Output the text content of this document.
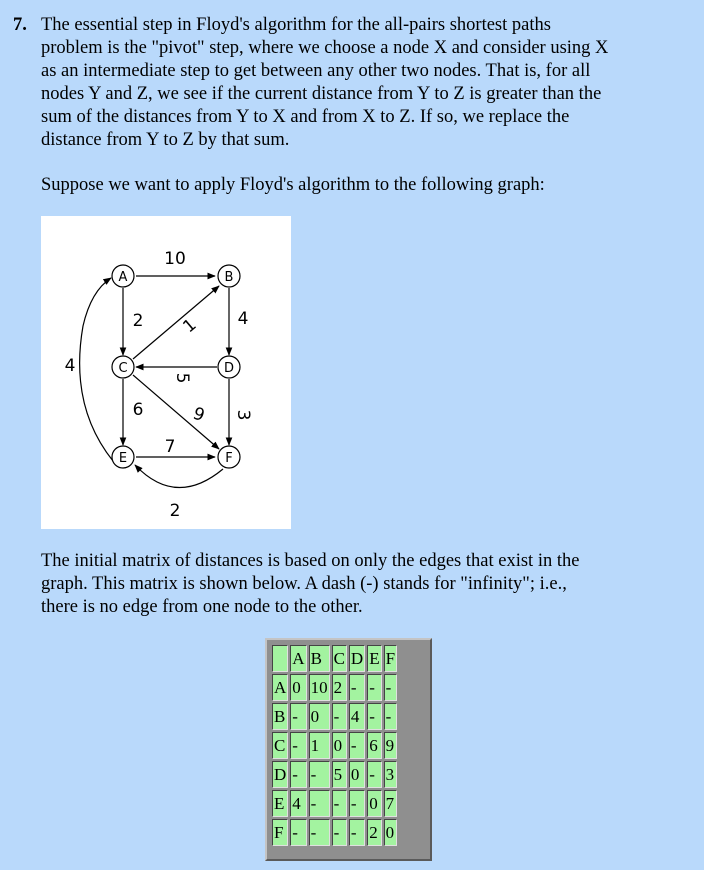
7. The essential step in Floyd's algorithm for the all-pairs shortest paths
problem is the "pivot" step, where we choose a node X and consider using X
as an intermediate step to get between any other two nodes. That is, for all
nodes Y and Z, we see if the current distance from Y to Z is greater than the
sum of the distances from Y to X and from X to Z. If so, we replace the
distance from Y to Z by that sum.

Suppose we want to apply Floyd's algorithm to the following graph:

A	B
C	D
E	F
10
2	4
1
5
6	9 3
7
2
4

The initial matrix of distances is based on only the edges that exist in the
graph. This matrix is shown below. A dash (-) stands for "infinity"; i.e.,
there is no edge from one node to the other.

	A	B	C	D	E	F
A	0	10	2	-	-	-
B	-	0	-	4	-	-
C	-	1	0	-	6	9
D	-	-	5	0	-	3
E	4	-	-	-	0	7
F	-	-	-	-	2	0
